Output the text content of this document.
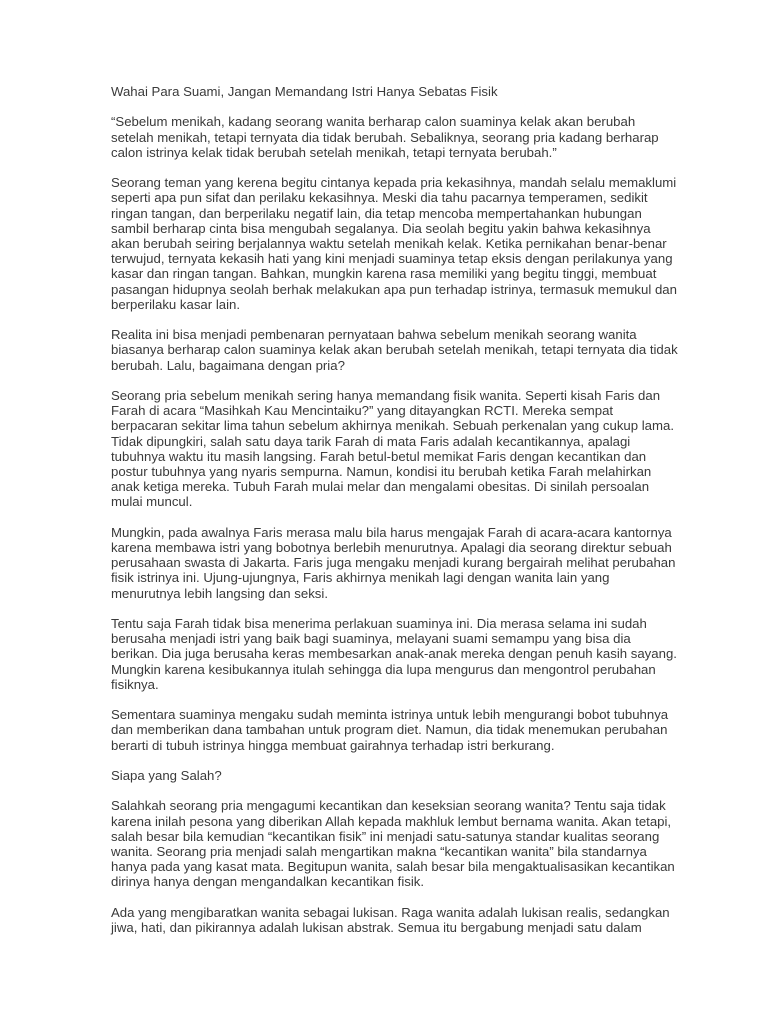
Wahai Para Suami, Jangan Memandang Istri Hanya Sebatas Fisik

“Sebelum menikah, kadang seorang wanita berharap calon suaminya kelak akan berubah
setelah menikah, tetapi ternyata dia tidak berubah. Sebaliknya, seorang pria kadang berharap
calon istrinya kelak tidak berubah setelah menikah, tetapi ternyata berubah.”

Seorang teman yang kerena begitu cintanya kepada pria kekasihnya, mandah selalu memaklumi
seperti apa pun sifat dan perilaku kekasihnya. Meski dia tahu pacarnya temperamen, sedikit
ringan tangan, dan berperilaku negatif lain, dia tetap mencoba mempertahankan hubungan
sambil berharap cinta bisa mengubah segalanya. Dia seolah begitu yakin bahwa kekasihnya
akan berubah seiring berjalannya waktu setelah menikah kelak. Ketika pernikahan benar-benar
terwujud, ternyata kekasih hati yang kini menjadi suaminya tetap eksis dengan perilakunya yang
kasar dan ringan tangan. Bahkan, mungkin karena rasa memiliki yang begitu tinggi, membuat
pasangan hidupnya seolah berhak melakukan apa pun terhadap istrinya, termasuk memukul dan
berperilaku kasar lain.

Realita ini bisa menjadi pembenaran pernyataan bahwa sebelum menikah seorang wanita
biasanya berharap calon suaminya kelak akan berubah setelah menikah, tetapi ternyata dia tidak
berubah. Lalu, bagaimana dengan pria?

Seorang pria sebelum menikah sering hanya memandang fisik wanita. Seperti kisah Faris dan
Farah di acara “Masihkah Kau Mencintaiku?” yang ditayangkan RCTI. Mereka sempat
berpacaran sekitar lima tahun sebelum akhirnya menikah. Sebuah perkenalan yang cukup lama.
Tidak dipungkiri, salah satu daya tarik Farah di mata Faris adalah kecantikannya, apalagi
tubuhnya waktu itu masih langsing. Farah betul-betul memikat Faris dengan kecantikan dan
postur tubuhnya yang nyaris sempurna. Namun, kondisi itu berubah ketika Farah melahirkan
anak ketiga mereka. Tubuh Farah mulai melar dan mengalami obesitas. Di sinilah persoalan
mulai muncul.

Mungkin, pada awalnya Faris merasa malu bila harus mengajak Farah di acara-acara kantornya
karena membawa istri yang bobotnya berlebih menurutnya. Apalagi dia seorang direktur sebuah
perusahaan swasta di Jakarta. Faris juga mengaku menjadi kurang bergairah melihat perubahan
fisik istrinya ini. Ujung-ujungnya, Faris akhirnya menikah lagi dengan wanita lain yang
menurutnya lebih langsing dan seksi.

Tentu saja Farah tidak bisa menerima perlakuan suaminya ini. Dia merasa selama ini sudah
berusaha menjadi istri yang baik bagi suaminya, melayani suami semampu yang bisa dia
berikan. Dia juga berusaha keras membesarkan anak-anak mereka dengan penuh kasih sayang.
Mungkin karena kesibukannya itulah sehingga dia lupa mengurus dan mengontrol perubahan
fisiknya.

Sementara suaminya mengaku sudah meminta istrinya untuk lebih mengurangi bobot tubuhnya
dan memberikan dana tambahan untuk program diet. Namun, dia tidak menemukan perubahan
berarti di tubuh istrinya hingga membuat gairahnya terhadap istri berkurang.

Siapa yang Salah?

Salahkah seorang pria mengagumi kecantikan dan keseksian seorang wanita? Tentu saja tidak
karena inilah pesona yang diberikan Allah kepada makhluk lembut bernama wanita. Akan tetapi,
salah besar bila kemudian “kecantikan fisik” ini menjadi satu-satunya standar kualitas seorang
wanita. Seorang pria menjadi salah mengartikan makna “kecantikan wanita” bila standarnya
hanya pada yang kasat mata. Begitupun wanita, salah besar bila mengaktualisasikan kecantikan
dirinya hanya dengan mengandalkan kecantikan fisik.

Ada yang mengibaratkan wanita sebagai lukisan. Raga wanita adalah lukisan realis, sedangkan
jiwa, hati, dan pikirannya adalah lukisan abstrak. Semua itu bergabung menjadi satu dalam
